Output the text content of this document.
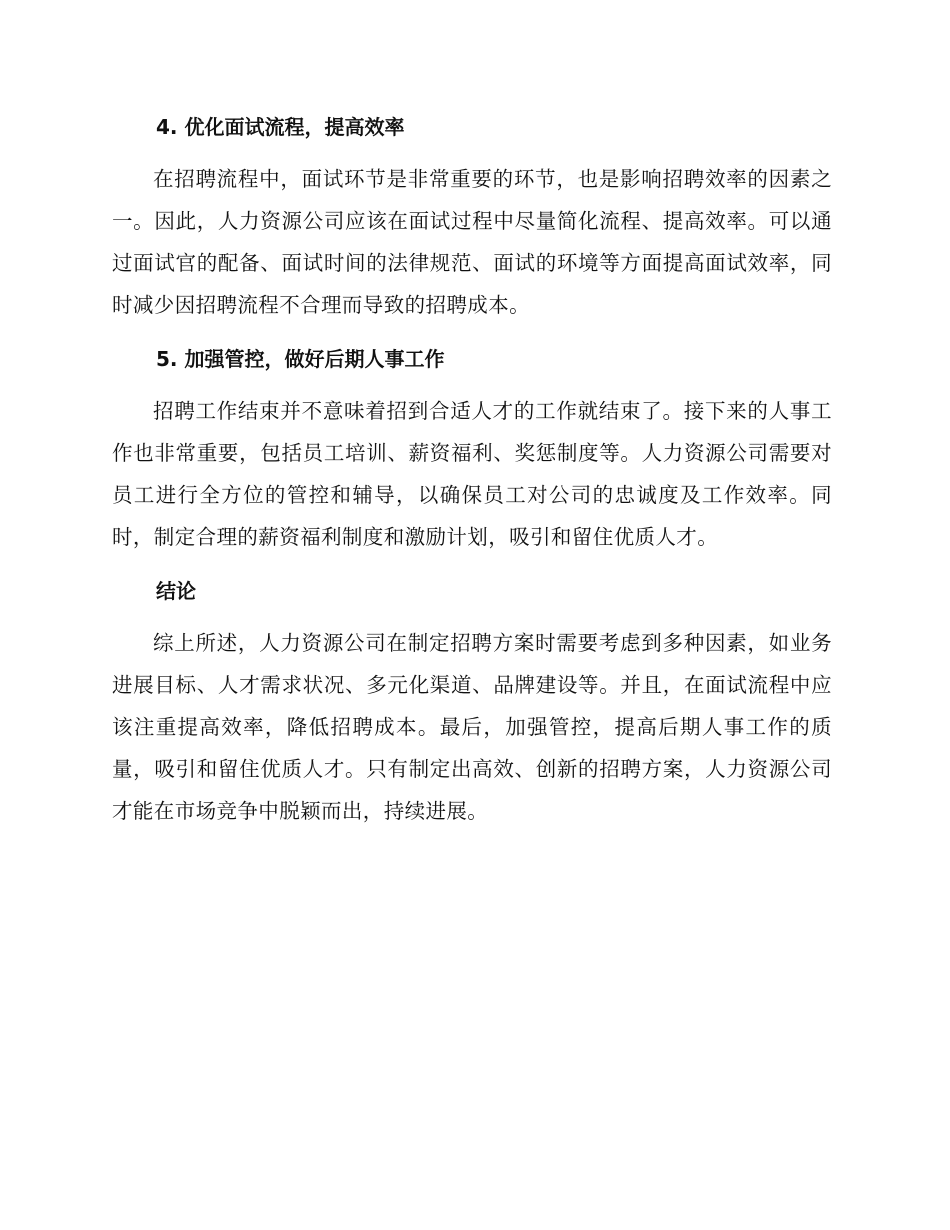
4. 优化面试流程，提高效率

在招聘流程中，面试环节是非常重要的环节，也是影响招聘效率的因素之一。因此，人力资源公司应该在面试过程中尽量简化流程、提高效率。可以通过面试官的配备、面试时间的法律规范、面试的环境等方面提高面试效率，同时减少因招聘流程不合理而导致的招聘成本。

5. 加强管控，做好后期人事工作

招聘工作结束并不意味着招到合适人才的工作就结束了。接下来的人事工作也非常重要，包括员工培训、薪资福利、奖惩制度等。人力资源公司需要对员工进行全方位的管控和辅导，以确保员工对公司的忠诚度及工作效率。同时，制定合理的薪资福利制度和激励计划，吸引和留住优质人才。

结论

综上所述，人力资源公司在制定招聘方案时需要考虑到多种因素，如业务进展目标、人才需求状况、多元化渠道、品牌建设等。并且，在面试流程中应该注重提高效率，降低招聘成本。最后，加强管控，提高后期人事工作的质量，吸引和留住优质人才。只有制定出高效、创新的招聘方案，人力资源公司才能在市场竞争中脱颖而出，持续进展。
